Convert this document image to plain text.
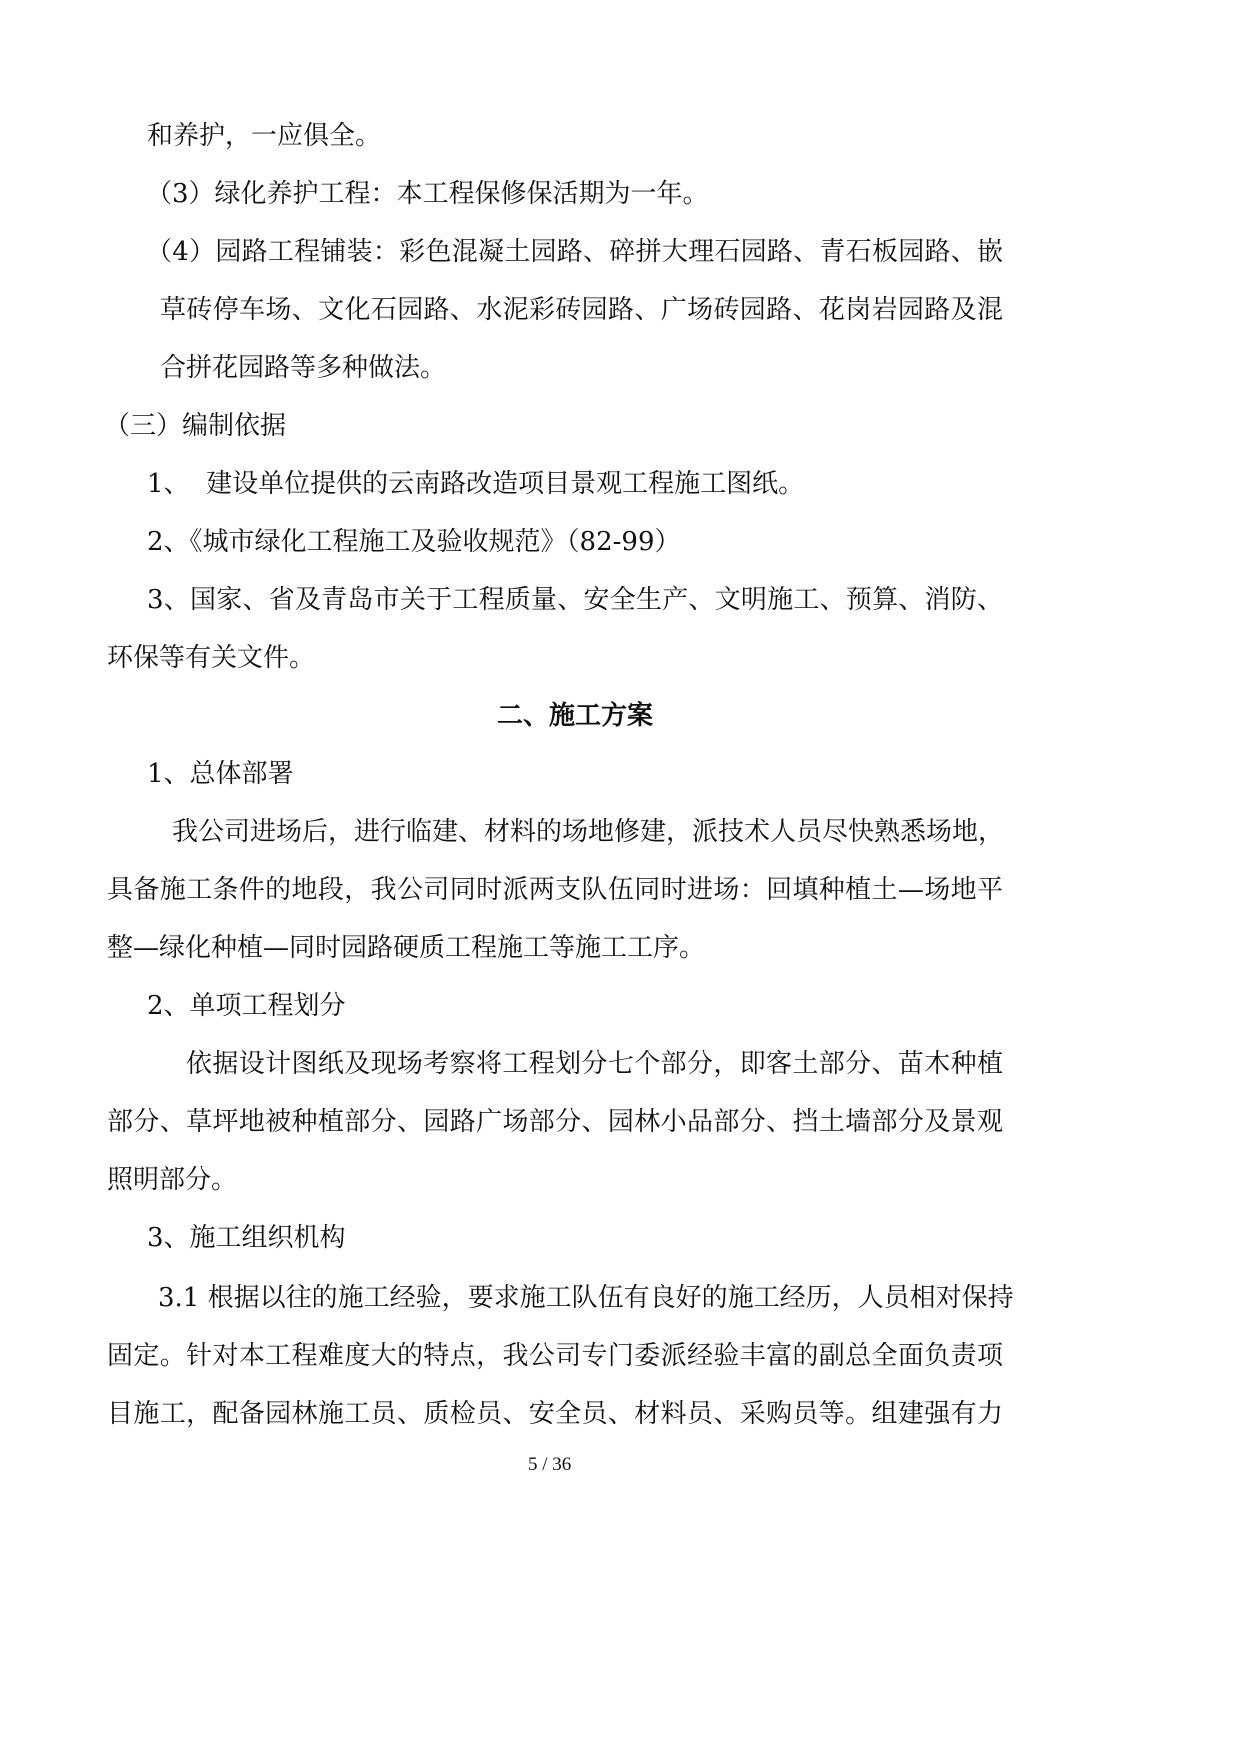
和养护，一应俱全。
（3）绿化养护工程：本工程保修保活期为一年。
（4）园路工程铺装：彩色混凝土园路、碎拼大理石园路、青石板园路、嵌
草砖停车场、文化石园路、水泥彩砖园路、广场砖园路、花岗岩园路及混
合拼花园路等多种做法。
（三）编制依据
1、  建设单位提供的云南路改造项目景观工程施工图纸。
2、《城市绿化工程施工及验收规范》（82-99）
3、国家、省及青岛市关于工程质量、安全生产、文明施工、预算、消防、
环保等有关文件。
二、施工方案
1、总体部署
我公司进场后，进行临建、材料的场地修建，派技术人员尽快熟悉场地，
具备施工条件的地段，我公司同时派两支队伍同时进场：回填种植土—场地平
整—绿化种植—同时园路硬质工程施工等施工工序。
2、单项工程划分
依据设计图纸及现场考察将工程划分七个部分，即客土部分、苗木种植
部分、草坪地被种植部分、园路广场部分、园林小品部分、挡土墙部分及景观
照明部分。
3、施工组织机构
3.1 根据以往的施工经验，要求施工队伍有良好的施工经历，人员相对保持
固定。针对本工程难度大的特点，我公司专门委派经验丰富的副总全面负责项
目施工，配备园林施工员、质检员、安全员、材料员、采购员等。组建强有力
5 / 36
